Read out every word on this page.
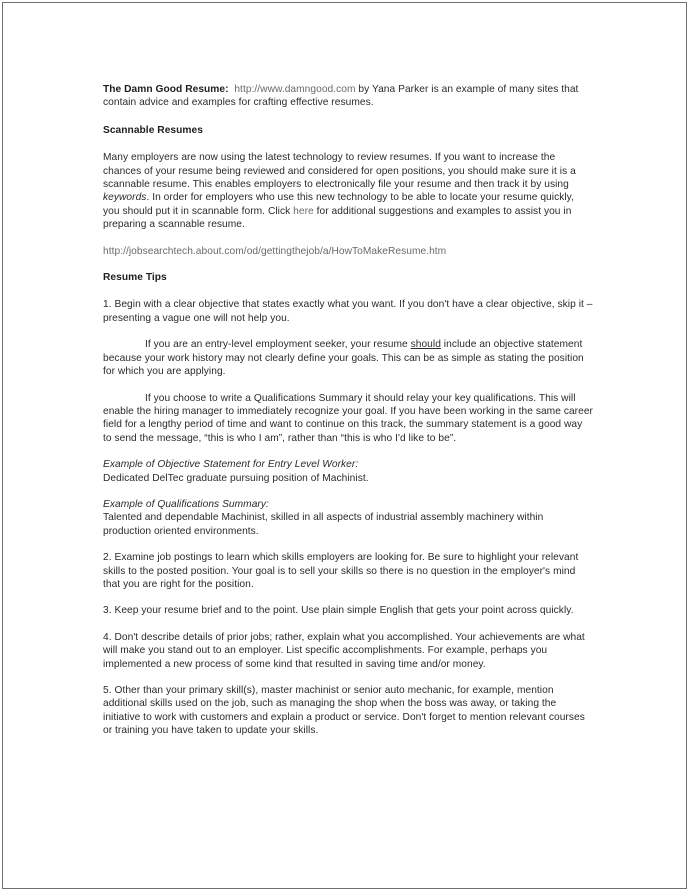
The Damn Good Resume: http://www.damngood.com by Yana Parker is an example of many sites that contain advice and examples for crafting effective resumes.

Scannable Resumes

Many employers are now using the latest technology to review resumes. If you want to increase the chances of your resume being reviewed and considered for open positions, you should make sure it is a scannable resume. This enables employers to electronically file your resume and then track it by using keywords. In order for employers who use this new technology to be able to locate your resume quickly, you should put it in scannable form. Click here for additional suggestions and examples to assist you in preparing a scannable resume.

http://jobsearchtech.about.com/od/gettingthejob/a/HowToMakeResume.htm

Resume Tips

1. Begin with a clear objective that states exactly what you want. If you don't have a clear objective, skip it – presenting a vague one will not help you.

If you are an entry-level employment seeker, your resume should include an objective statement because your work history may not clearly define your goals. This can be as simple as stating the position for which you are applying.

If you choose to write a Qualifications Summary it should relay your key qualifications. This will enable the hiring manager to immediately recognize your goal. If you have been working in the same career field for a lengthy period of time and want to continue on this track, the summary statement is a good way to send the message, “this is who I am”, rather than “this is who I'd like to be”.

Example of Objective Statement for Entry Level Worker:
Dedicated DelTec graduate pursuing position of Machinist.

Example of Qualifications Summary:
Talented and dependable Machinist, skilled in all aspects of industrial assembly machinery within production oriented environments.

2. Examine job postings to learn which skills employers are looking for. Be sure to highlight your relevant skills to the posted position. Your goal is to sell your skills so there is no question in the employer's mind that you are right for the position.

3. Keep your resume brief and to the point. Use plain simple English that gets your point across quickly.

4. Don't describe details of prior jobs; rather, explain what you accomplished. Your achievements are what will make you stand out to an employer. List specific accomplishments. For example, perhaps you implemented a new process of some kind that resulted in saving time and/or money.

5. Other than your primary skill(s), master machinist or senior auto mechanic, for example, mention additional skills used on the job, such as managing the shop when the boss was away, or taking the initiative to work with customers and explain a product or service. Don't forget to mention relevant courses or training you have taken to update your skills.
